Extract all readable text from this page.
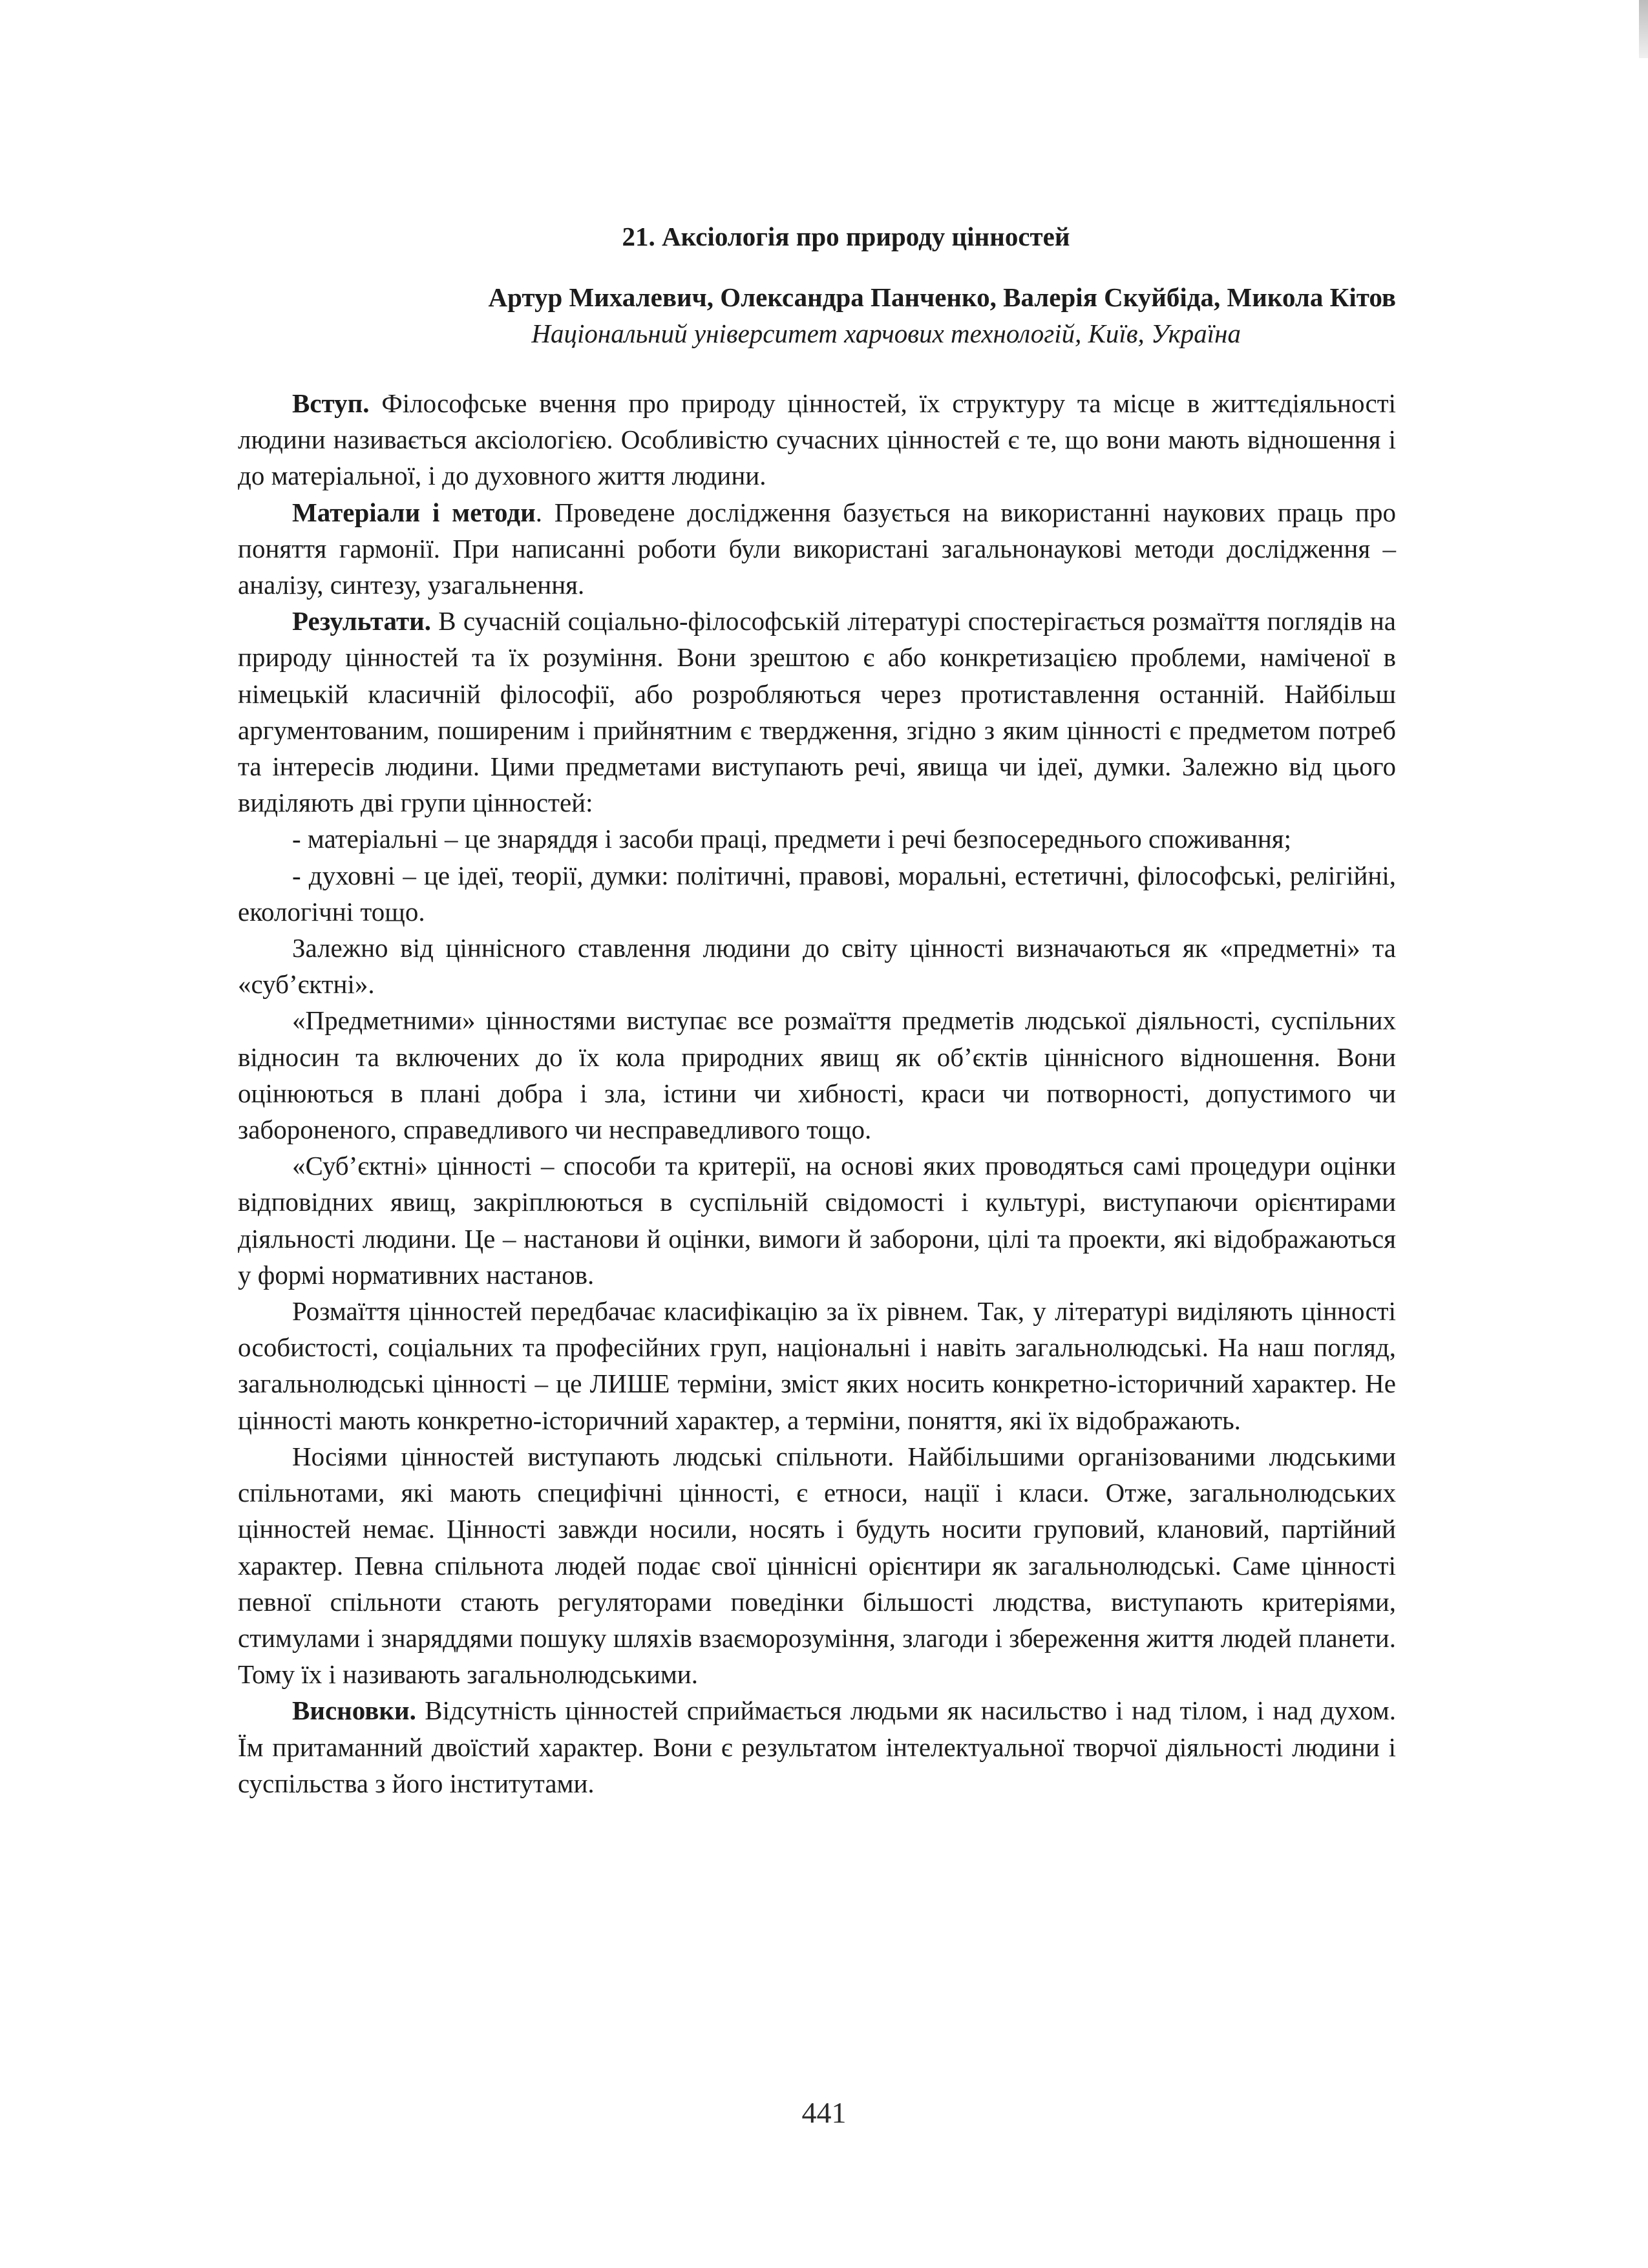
21. Аксіологія про природу цінностей

Артур Михалевич, Олександра Панченко, Валерія Скуйбіда, Микола Кітов

Національний університет харчових технологій, Київ, Україна

Вступ. Філософське вчення про природу цінностей, їх структуру та місце в життєдіяльності людини називається аксіологією. Особливістю сучасних цінностей є те, що вони мають відношення і до матеріальної, і до духовного життя людини.

Матеріали і методи. Проведене дослідження базується на використанні наукових праць про поняття гармонії. При написанні роботи були використані загальнонаукові методи дослідження – аналізу, синтезу, узагальнення.

Результати. В сучасній соціально-філософській літературі спостерігається розмаїття поглядів на природу цінностей та їх розуміння. Вони зрештою є або конкретизацією проблеми, наміченої в німецькій класичній філософії, або розробляються через протиставлення останній. Найбільш аргументованим, поширеним і прийнятним є твердження, згідно з яким цінності є предметом потреб та інтересів людини. Цими предметами виступають речі, явища чи ідеї, думки. Залежно від цього виділяють дві групи цінностей:

- матеріальні – це знаряддя і засоби праці, предмети і речі безпосереднього споживання;

- духовні – це ідеї, теорії, думки: політичні, правові, моральні, естетичні, філософські, релігійні, екологічні тощо.

Залежно від ціннісного ставлення людини до світу цінності визначаються як «предметні» та «суб’єктні».

«Предметними» цінностями виступає все розмаїття предметів людської діяльності, суспільних відносин та включених до їх кола природних явищ як об’єктів ціннісного відношення. Вони оцінюються в плані добра і зла, істини чи хибності, краси чи потворності, допустимого чи забороненого, справедливого чи несправедливого тощо.

«Суб’єктні» цінності – способи та критерії, на основі яких проводяться самі процедури оцінки відповідних явищ, закріплюються в суспільній свідомості і культурі, виступаючи орієнтирами діяльності людини. Це – настанови й оцінки, вимоги й заборони, цілі та проекти, які відображаються у формі нормативних настанов.

Розмаїття цінностей передбачає класифікацію за їх рівнем. Так, у літературі виділяють цінності особистості, соціальних та професійних груп, національні і навіть загальнолюдські. На наш погляд, загальнолюдські цінності – це ЛИШЕ терміни, зміст яких носить конкретно-історичний характер. Не цінності мають конкретно-історичний характер, а терміни, поняття, які їх відображають.

Носіями цінностей виступають людські спільноти. Найбільшими організованими людськими спільнотами, які мають специфічні цінності, є етноси, нації і класи. Отже, загальнолюдських цінностей немає. Цінності завжди носили, носять і будуть носити груповий, клановий, партійний характер. Певна спільнота людей подає свої ціннісні орієнтири як загальнолюдські. Саме цінності певної спільноти стають регуляторами поведінки більшості людства, виступають критеріями, стимулами і знаряддями пошуку шляхів взаєморозуміння, злагоди і збереження життя людей планети. Тому їх і називають загальнолюдськими.

Висновки. Відсутність цінностей сприймається людьми як насильство і над тілом, і над духом. Їм притаманний двоїстий характер. Вони є результатом інтелектуальної творчої діяльності людини і суспільства з його інститутами.

441
